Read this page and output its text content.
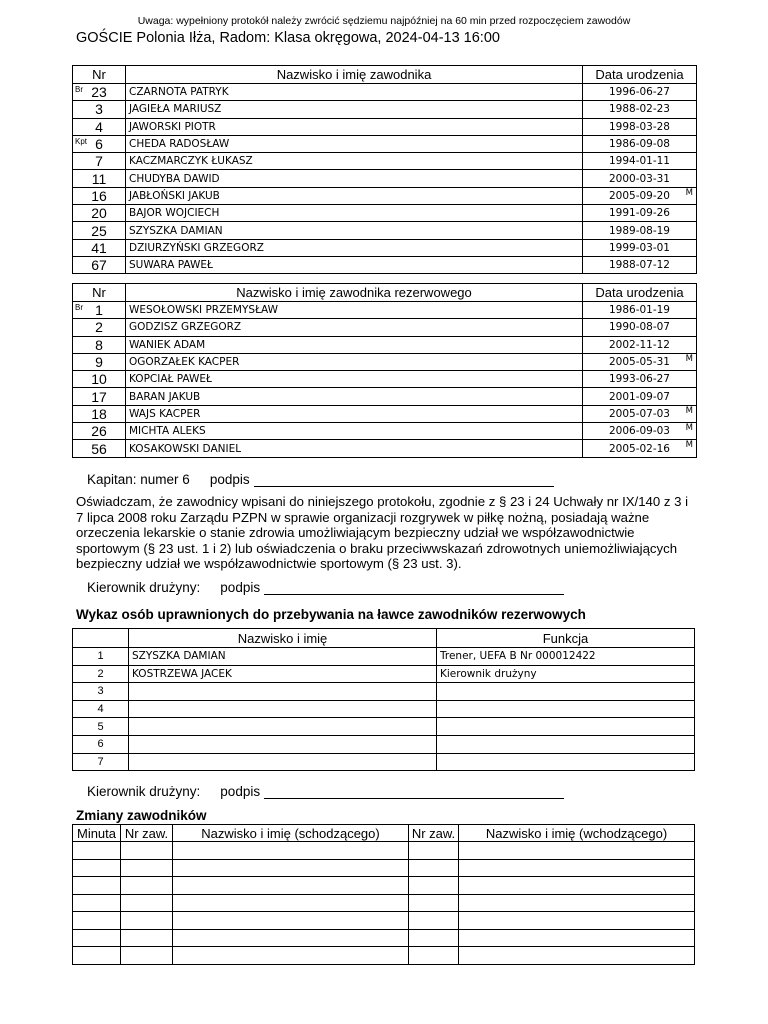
Uwaga: wypełniony protokół należy zwrócić sędziemu najpóźniej na 60 min przed rozpoczęciem zawodów
GOŚCIE Polonia Iłża, Radom: Klasa okręgowa, 2024-04-13 16:00
Nr	Nazwisko i imię zawodnika	Data urodzenia

Br 23	CZARNOTA PATRYK	1996-06-27
3	JAGIEŁA MARIUSZ	1988-02-23
4	JAWORSKI PIOTR	1998-03-28

Kpt 6	CHEDA RADOSŁAW	1986-09-08
7	KACZMARCZYK ŁUKASZ	1994-01-11
11	CHUDYBA DAWID	2000-03-31
16	JABŁOŃSKI JAKUB	2005-09-20 M

20	BAJOR WOJCIECH	1991-09-26
25	SZYSZKA DAMIAN	1989-08-19
41	DZIURZYŃSKI GRZEGORZ	1999-03-01
67	SUWARA PAWEŁ	1988-07-12
Nr	Nazwisko i imię zawodnika rezerwowego	Data urodzenia

Br 1	WESOŁOWSKI PRZEMYSŁAW	1986-01-19
2	GODZISZ GRZEGORZ	1990-08-07
8	WANIEK ADAM	2002-11-12
9	OGORZAŁEK KACPER	2005-05-31 M

10	KOPCIAŁ PAWEŁ	1993-06-27
17	BARAN JAKUB	2001-09-07
18	WAJS KACPER	2005-07-03 M

26	MICHTA ALEKS	2006-09-03 M

56	KOSAKOWSKI DANIEL	2005-02-16 M
Kapitan: numer 6 podpis
Oświadczam, że zawodnicy wpisani do niniejszego protokołu, zgodnie z § 23 i 24 Uchwały nr IX/140 z 3 i 7 lipca 2008 roku Zarządu PZPN w sprawie organizacji rozgrywek w piłkę nożną, posiadają ważne orzeczenia lekarskie o stanie zdrowia umożliwiającym bezpieczny udział we współzawodnictwie sportowym (§ 23 ust. 1 i 2) lub oświadczenia o braku przeciwwskazań zdrowotnych uniemożliwiających bezpieczny udział we współzawodnictwie sportowym (§ 23 ust. 3).
Kierownik drużyny: podpis
Wykaz osób uprawnionych do przebywania na ławce zawodników rezerwowych
	Nazwisko i imię	Funkcja
1	SZYSZKA DAMIAN	Trener, UEFA B Nr 000012422
2	KOSTRZEWA JACEK	Kierownik drużyny
3		
4		
5		
6		
7		
Kierownik drużyny: podpis
Zmiany zawodników
Minuta	Nr zaw.	Nazwisko i imię (schodzącego)	Nr zaw.	Nazwisko i imię (wchodzącego)
